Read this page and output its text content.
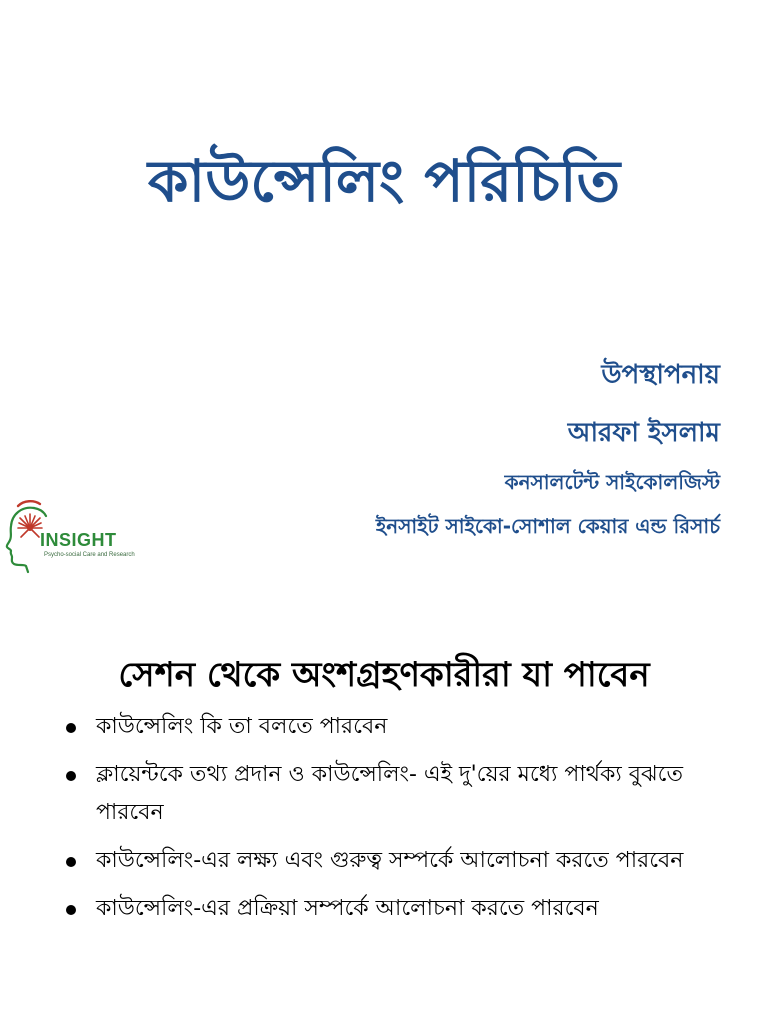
কাউন্সেলিং পরিচিতি

উপস্থাপনায়

আরফা ইসলাম

কনসালটেন্ট সাইকোলজিস্ট

ইনসাইট সাইকো-সোশাল কেয়ার এন্ড রিসার্চ

INSIGHT
Psycho-social Care and Research
সেশন থেকে অংশগ্রহণকারীরা যা পাবেন
কাউন্সেলিং কি তা বলতে পারবেন
ক্লায়েন্টকে তথ্য প্রদান ও কাউন্সেলিং- এই দু'য়ের মধ্যে পার্থক্য বুঝতে পারবেন
কাউন্সেলিং-এর লক্ষ্য এবং গুরুত্ব সম্পর্কে আলোচনা করতে পারবেন
কাউন্সেলিং-এর প্রক্রিয়া সম্পর্কে আলোচনা করতে পারবেন
